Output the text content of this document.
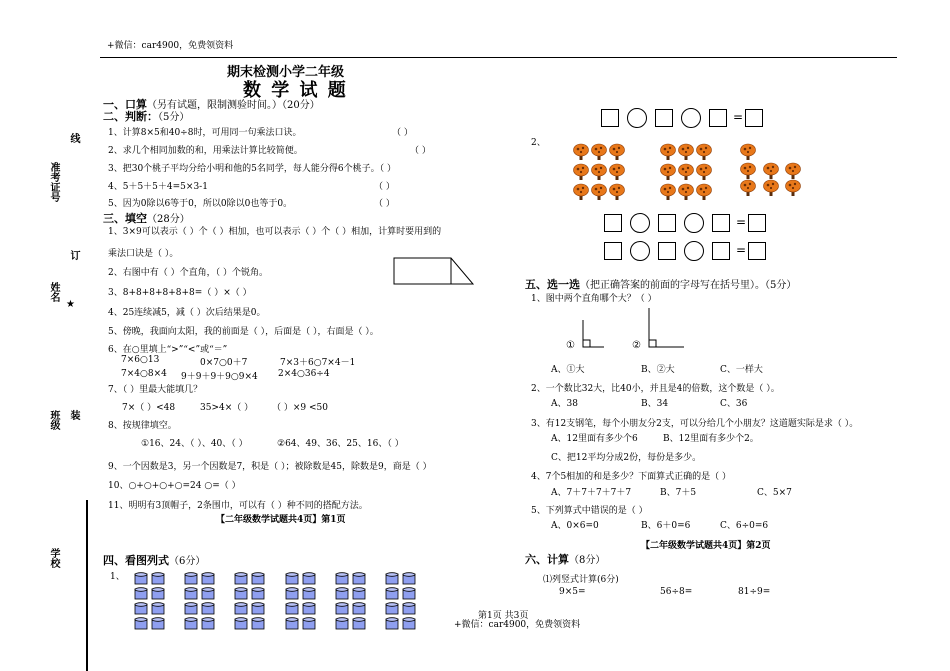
+微信：car4900，免费领资料
线
准考证号
订
姓名
★
班级 装
学校
期末检测小学二年级
数 学 试 题
一、口算（另有试题，限制测验时间。）（20分）
二、判断：（5分）
1、计算8×5和40÷8时，可用同一句乘法口诀。	（ ）
2、求几个相同加数的和，用乘法计算比较简便。	（ ）
3、把30个桃子平均分给小明和他的5名同学，每人能分得6个桃子。（ ）
4、5＋5＋5＋4=5×3-1	（ ）
5、因为0除以6等于0，所以0除以0也等于0。	（ ）
三、填空（28分）
1、3×9可以表示（ ）个（ ）相加，也可以表示（ ）个（ ）相加，计算时要用到的
乘法口诀是（ ）。
2、右图中有（ ）个直角，（ ）个锐角。
3、8+8+8+8+8+8=（ ）×（ ）
4、25连续减5，减（ ）次后结果是0。
5、傍晚，我面向太阳，我的前面是（ ），后面是（ ），右面是（ ）。
6、在○里填上“>”“<”或“＝”
7×6○13	0×7○0＋7	7×3＋6○7×4－1
7×4○8×4 9＋9＋9＋9○9×4 2×4○36÷4
7、（ ）里最大能填几？
7×（ ）<48	35>4×（ ） （ ）×9 <50
8、按规律填空。
①16、24、（ ）、40、（ ）	②64、49、36、25、16、（ ）
9、一个因数是3，另一个因数是7，积是（ ）；被除数是45，除数是9，商是（ ）
10、○+○+○+○=24 ○=（ ）
11、明明有3顶帽子，2条围巾，可以有（ ）种不同的搭配方法。
【二年级数学试题共4页】第1页
四、看图列式（6分）
1、
2、
=
=
=
五、选一选（把正确答案的前面的字母写在括号里）。（5分）
1、图中两个直角哪个大？（ ）
①	②
A、①大	B、②大	C、一样大
2、一个数比32大，比40小，并且是4的倍数，这个数是（ ）。
A、38	B、34	C、36
3、有12支钢笔，每个小朋友分2支，可以分给几个小朋友？这道题实际是求（ ）。
A、12里面有多少个6	B、12里面有多少个2。
C、把12平均分成2份，每份是多少。
4、7个5相加的和是多少？下面算式正确的是（ ）
A、7＋7＋7＋7＋7	B、7＋5	C、5×7
5、下列算式中错误的是（ ）
A、0×6=0	B、6＋0=6	C、6÷0=6
【二年级数学试题共4页】第2页
六、计算（8分）
⑴列竖式计算(6分)
9×5=	56÷8=	81÷9=
第1页 共3页
+微信：car4900，免费领资料
